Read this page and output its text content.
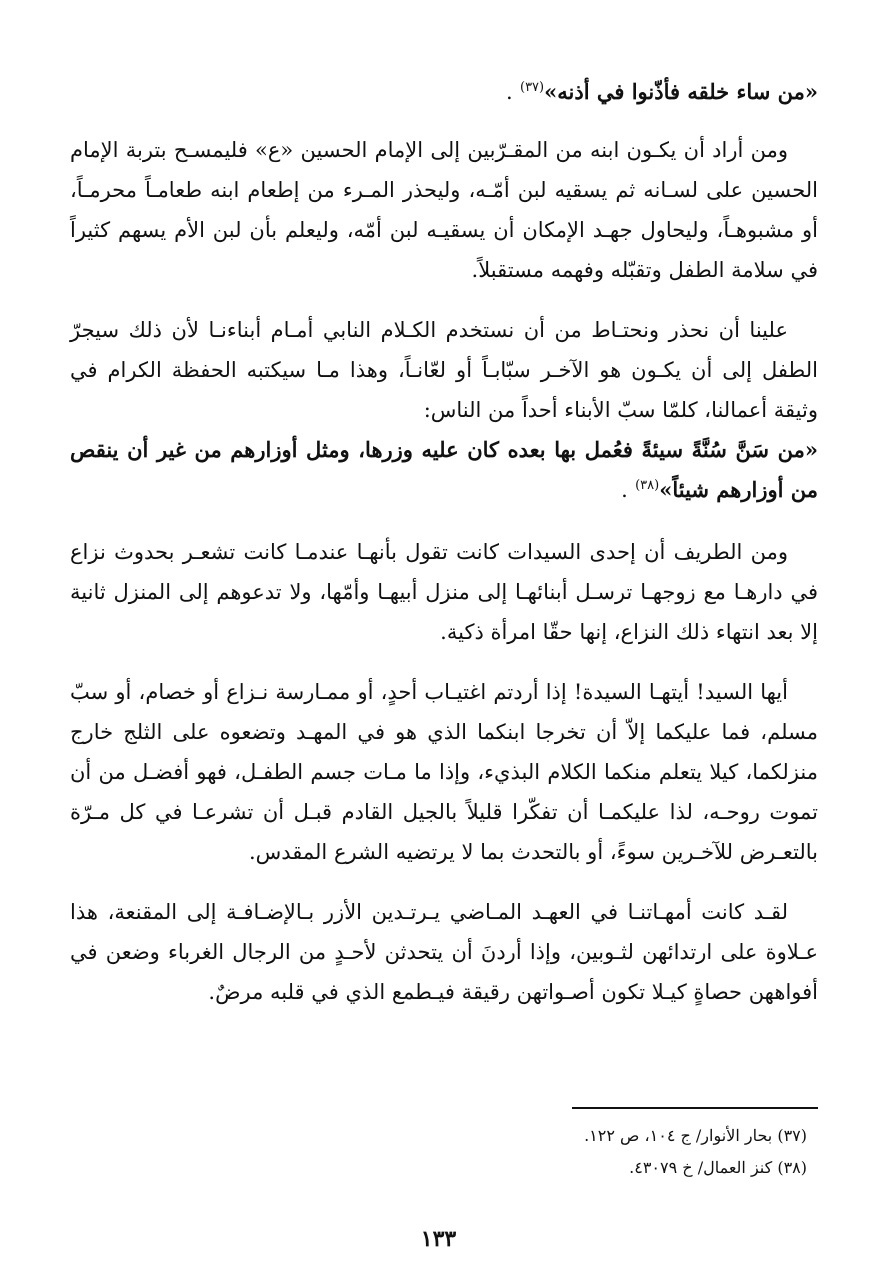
«من ساء خلقه فأذّنوا في أذنه»$^{(٣٧)}$ .

ومن أراد أن يكـون ابنه من المقـرّبين إلى الإمام الحسين «ع» فليمسـح بتربة الإمام الحسين على لسـانه ثم يسقيه لبن أمّـه، وليحذر المـرء من إطعام ابنه طعامـاً محرمـاً، أو مشبوهـاً، وليحاول جهـد الإمكان أن يسقيـه لبن أمّه، وليعلم بأن لبن الأم يسهم كثيراً في سلامة الطفل وتقبّله وفهمه مستقبلاً.

علينا أن نحذر ونحتـاط من أن نستخدم الكـلام النابي أمـام أبناءنـا لأن ذلك سيجرّ الطفل إلى أن يكـون هو الآخـر سبّابـاً أو لعّانـاً، وهذا مـا سيكتبه الحفظة الكرام في وثيقة أعمالنا، كلمّا سبّ الأبناء أحداً من الناس:

«من سَنَّ سُنَّةً سيئةً فعُمل بها بعده كان عليه وزرها، ومثل أوزارهم من غير أن ينقص من أوزارهم شيئاً»$^{(٣٨)}$ .

ومن الطريف أن إحدى السيدات كانت تقول بأنهـا عندمـا كانت تشعـر بحدوث نزاع في دارهـا مع زوجهـا ترسـل أبنائهـا إلى منزل أبيهـا وأمّها، ولا تدعوهم إلى المنزل ثانية إلا بعد انتهاء ذلك النزاع، إنها حقّا امرأة ذكية.

أيها السيد! أيتهـا السيدة! إذا أردتم اغتيـاب أحدٍ، أو ممـارسة نـزاع أو خصام، أو سبّ مسلم، فما عليكما إلاّ أن تخرجا ابنكما الذي هو في المهـد وتضعوه على الثلج خارج منزلكما، كيلا يتعلم منكما الكلام البذيء، وإذا ما مـات جسم الطفـل، فهو أفضـل من أن تموت روحـه، لذا عليكمـا أن تفكّرا قليلاً بالجيل القادم قبـل أن تشرعـا في كل مـرّة بالتعـرض للآخـرين سوءً، أو بالتحدث بما لا يرتضيه الشرع المقدس.

لقـد كانت أمهـاتنـا في العهـد المـاضي يـرتـدين الأزر بـالإضـافـة إلى المقنعة، هذا عـلاوة على ارتدائهن لثـوبين، وإذا أردنَ أن يتحدثن لأحـدٍ من الرجال الغرباء وضعن في أفواههن حصاةٍ كيـلا تكون أصـواتهن رقيقة فيـطمع الذي في قلبه مرضٌ.

(٣٧) بحار الأنوار/ ج ١٠٤، ص ١٢٢.

(٣٨) كنز العمال/ خ ٤٣٠٧٩.

١٣٣
